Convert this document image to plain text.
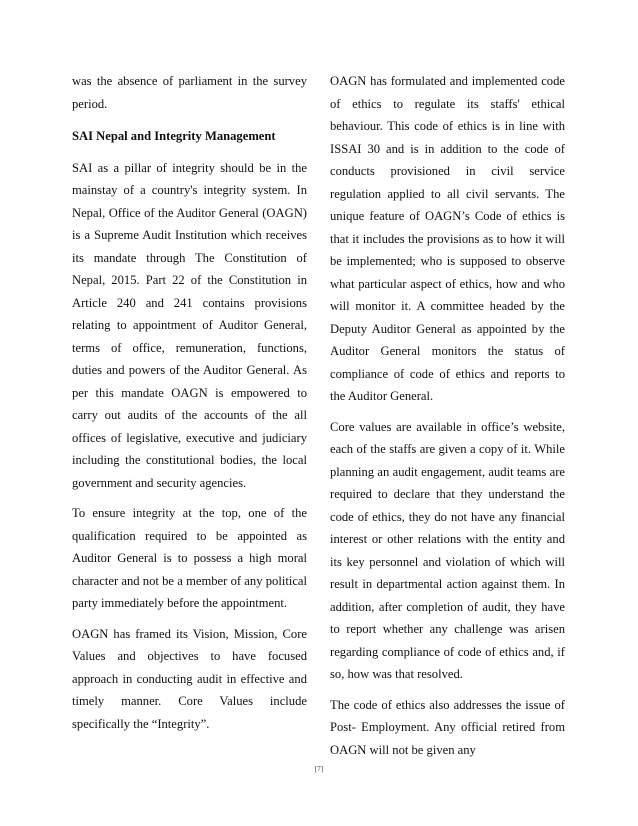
was the absence of parliament in the survey period.

SAI Nepal and Integrity Management

SAI as a pillar of integrity should be in the mainstay of a country's integrity system. In Nepal, Office of the Auditor General (OAGN) is a Supreme Audit Institution which receives its mandate through The Constitution of Nepal, 2015. Part 22 of the Constitution in Article 240 and 241 contains provisions relating to appointment of Auditor General, terms of office, remuneration, functions, duties and powers of the Auditor General. As per this mandate OAGN is empowered to carry out audits of the accounts of the all offices of legislative, executive and judiciary including the constitutional bodies, the local government and security agencies.

To ensure integrity at the top, one of the qualification required to be appointed as Auditor General is to possess a high moral character and not be a member of any political party immediately before the appointment.

OAGN has framed its Vision, Mission, Core Values and objectives to have focused approach in conducting audit in effective and timely manner. Core Values include specifically the “Integrity”.

OAGN has formulated and implemented code of ethics to regulate its staffs' ethical behaviour. This code of ethics is in line with ISSAI 30 and is in addition to the code of conducts provisioned in civil service regulation applied to all civil servants. The unique feature of OAGN’s Code of ethics is that it includes the provisions as to how it will be implemented; who is supposed to observe what particular aspect of ethics, how and who will monitor it. A committee headed by the Deputy Auditor General as appointed by the Auditor General monitors the status of compliance of code of ethics and reports to the Auditor General.

Core values are available in office’s website, each of the staffs are given a copy of it. While planning an audit engagement, audit teams are required to declare that they understand the code of ethics, they do not have any financial interest or other relations with the entity and its key personnel and violation of which will result in departmental action against them. In addition, after completion of audit, they have to report whether any challenge was arisen regarding compliance of code of ethics and, if so, how was that resolved.

The code of ethics also addresses the issue of Post- Employment. Any official retired from OAGN will not be given any

[7]
